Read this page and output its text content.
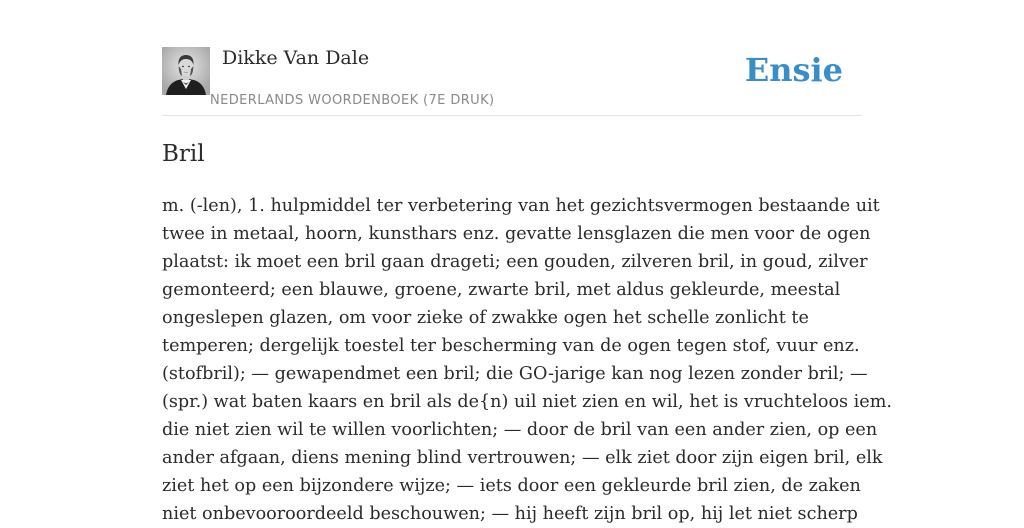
Dikke Van Dale
NEDERLANDS WOORDENBOEK (7E DRUK)
Ensie
Bril

m. (-len), 1. hulpmiddel ter verbetering van het gezichtsvermogen bestaande uit
twee in metaal, hoorn, kunsthars enz. gevatte lensglazen die men voor de ogen
plaatst: ik moet een bril gaan drageti; een gouden, zilveren bril, in goud, zilver
gemonteerd; een blauwe, groene, zwarte bril, met aldus gekleurde, meestal
ongeslepen glazen, om voor zieke of zwakke ogen het schelle zonlicht te
temperen; dergelijk toestel ter bescherming van de ogen tegen stof, vuur enz.
(stofbril); — gewapendmet een bril; die GO-jarige kan nog lezen zonder bril; —
(spr.) wat baten kaars en bril als de{n) uil niet zien en wil, het is vruchteloos iem.
die niet zien wil te willen voorlichten; — door de bril van een ander zien, op een
ander afgaan, diens mening blind vertrouwen; — elk ziet door zijn eigen bril, elk
ziet het op een bijzondere wijze; — iets door een gekleurde bril zien, de zaken
niet onbevooroordeeld beschouwen; — hij heeft zijn bril op, hij let niet scherp
